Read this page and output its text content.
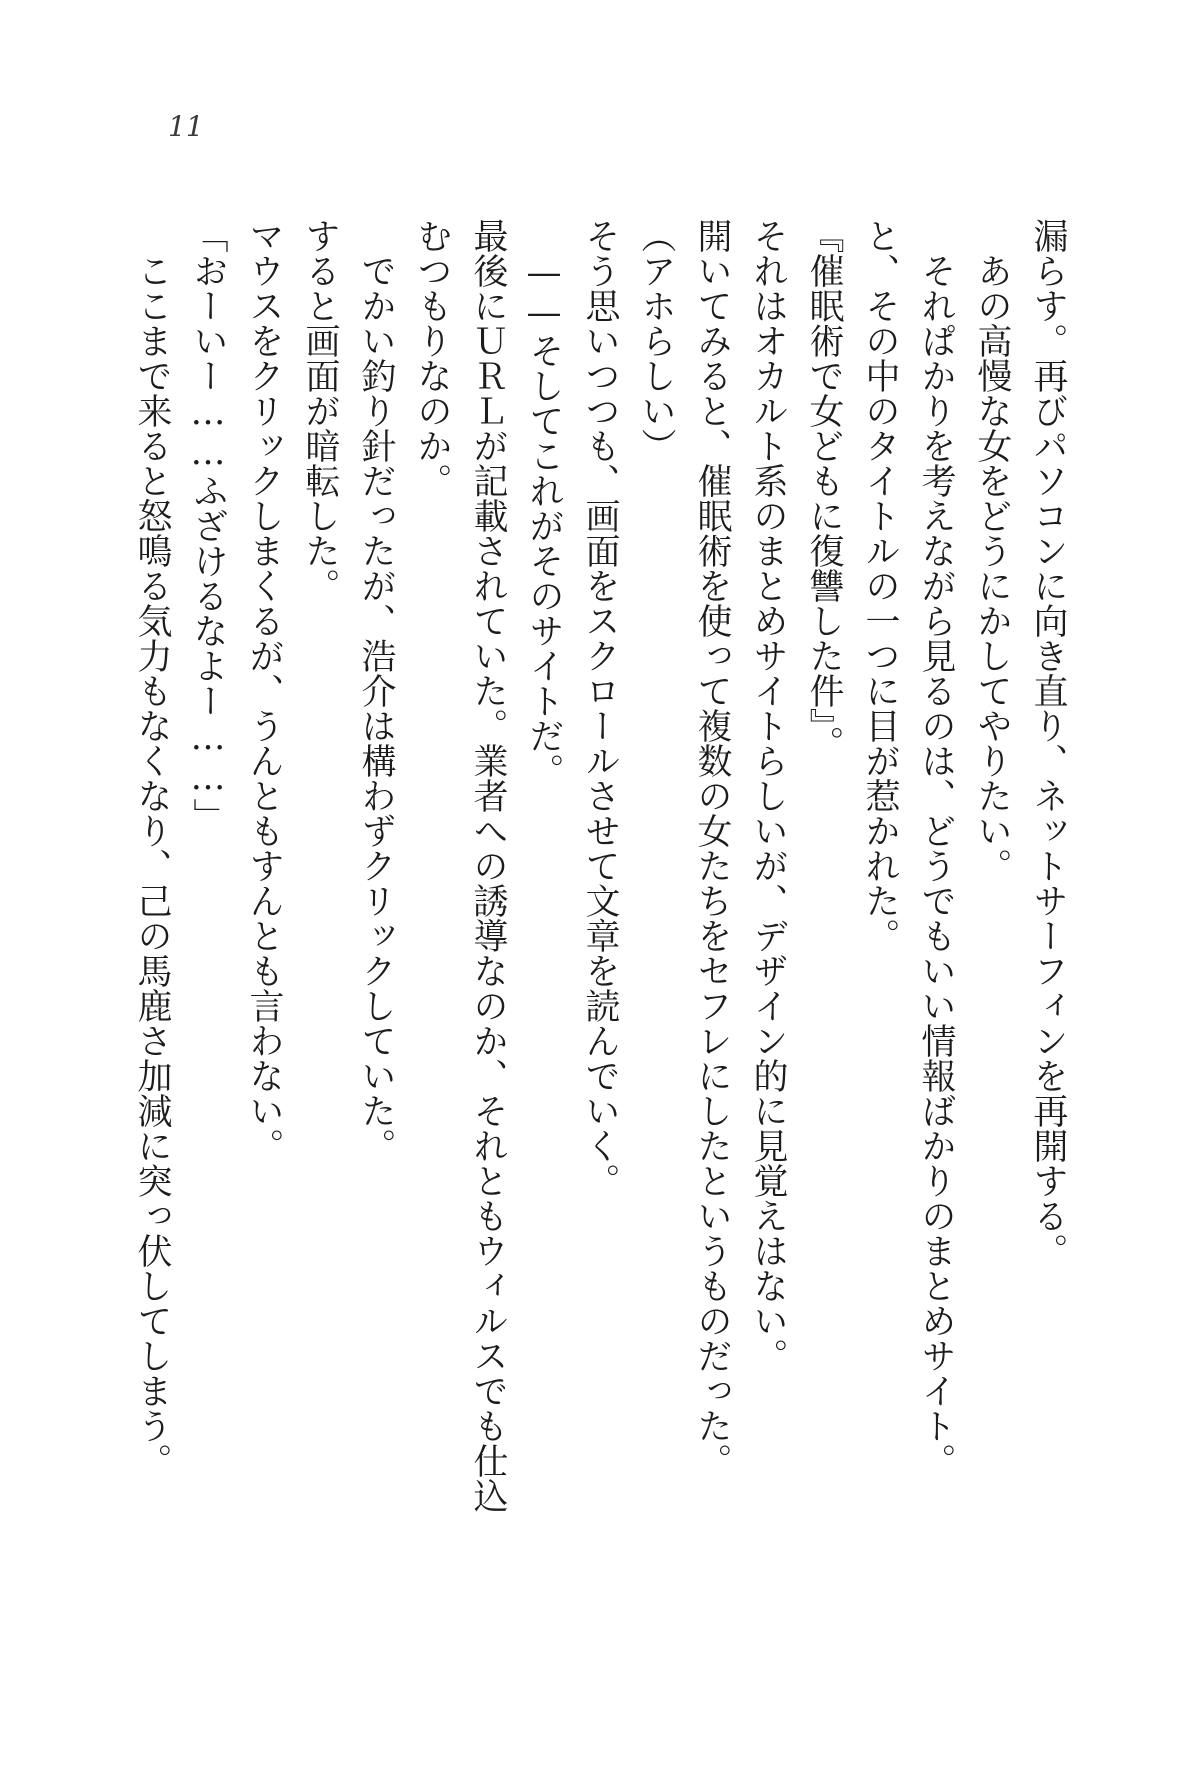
11
漏らす。再びパソコンに向き直り、ネットサーフィンを再開する。
あの高慢な女をどうにかしてやりたい。
それぱかりを考えながら見るのは、どうでもいい情報ばかりのまとめサイト。
と、その中のタイトルの一つに目が惹かれた。
『催眠術で女どもに復讐した件』。
それはオカルト系のまとめサイトらしいが、デザイン的に見覚えはない。
開いてみると、催眠術を使って複数の女たちをセフレにしたというものだった。
（アホらしい）
そう思いつつも、画面をスクロールさせて文章を読んでいく。
——そしてこれがそのサイトだ。
最後にＵＲＬが記載されていた。業者への誘導なのか、それともウィルスでも仕込
むつもりなのか。
でかい釣り針だったが、浩介は構わずクリックしていた。
すると画面が暗転した。
マウスをクリックしまくるが、うんともすんとも言わない。
「おーいー……ふざけるなよー……」
ここまで来ると怒鳴る気力もなくなり、己の馬鹿さ加減に突っ伏してしまう。
